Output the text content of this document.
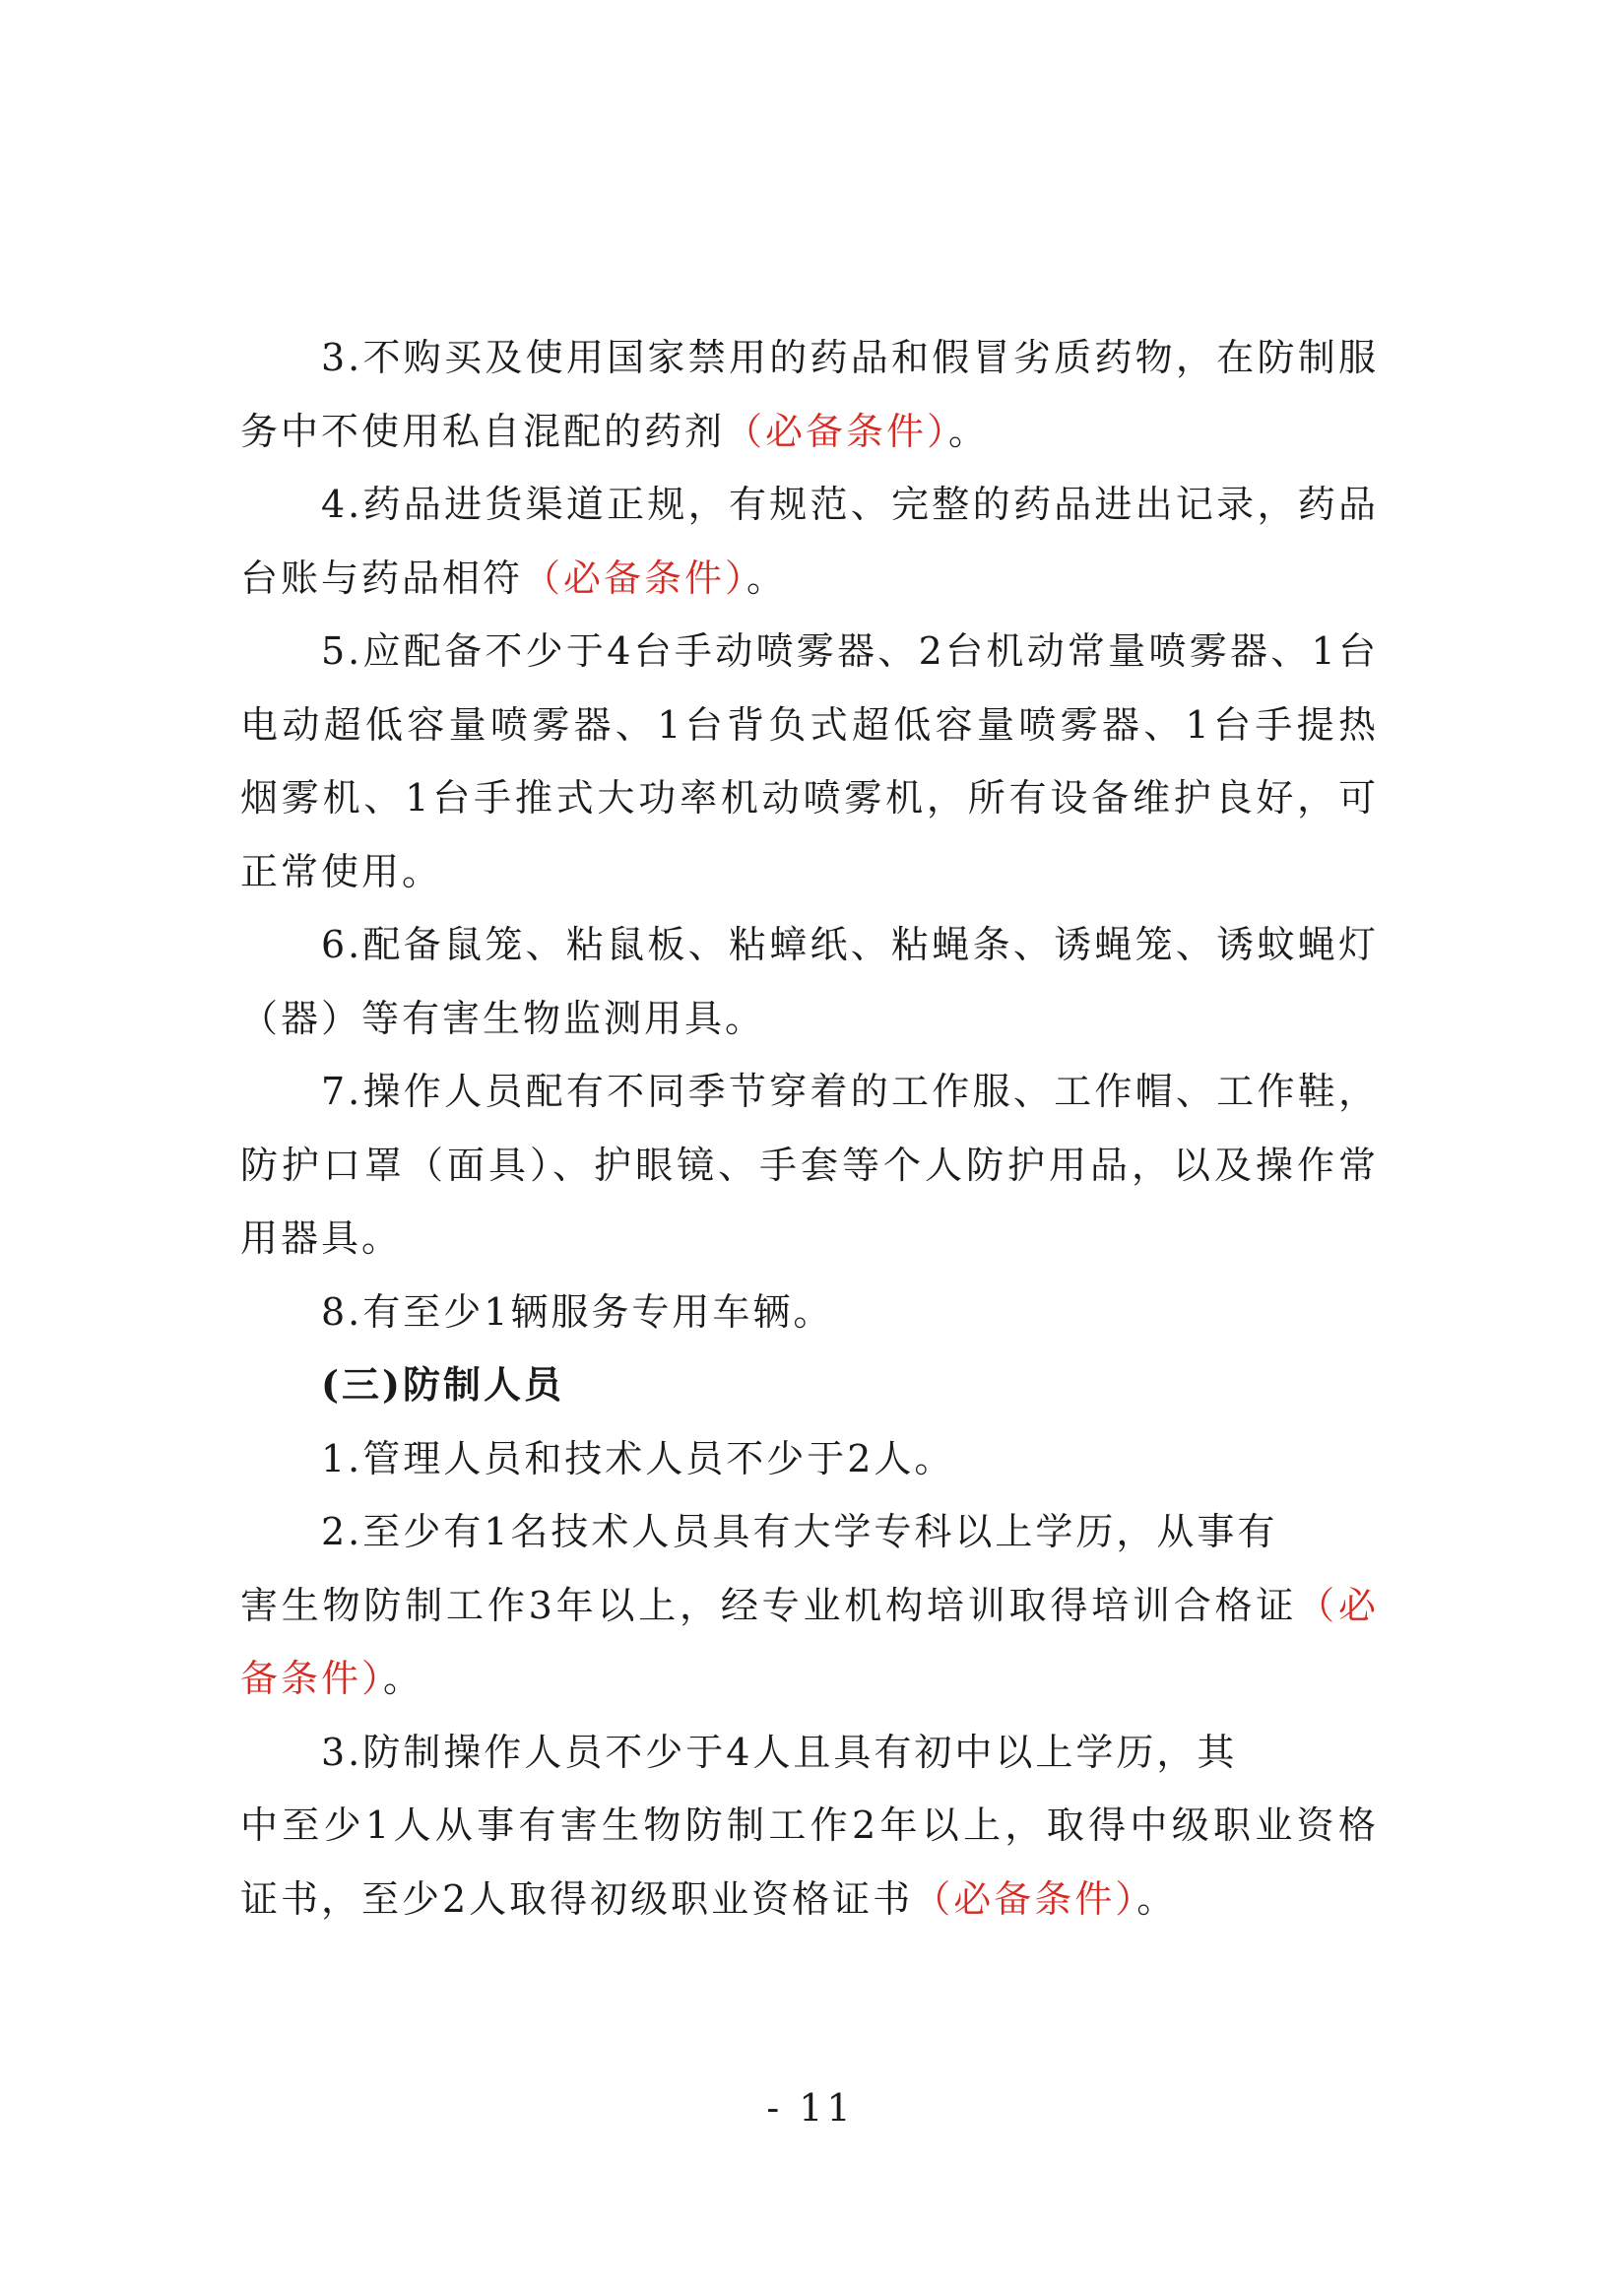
3.不购买及使用国家禁用的药品和假冒劣质药物，在防制服务中不使用私自混配的药剂（必备条件）。

4.药品进货渠道正规，有规范、完整的药品进出记录，药品台账与药品相符（必备条件）。

5.应配备不少于4台手动喷雾器、2台机动常量喷雾器、1台电动超低容量喷雾器、1台背负式超低容量喷雾器、1台手提热烟雾机、1台手推式大功率机动喷雾机，所有设备维护良好，可正常使用。

6.配备鼠笼、粘鼠板、粘蟑纸、粘蝇条、诱蝇笼、诱蚊蝇灯（器）等有害生物监测用具。

7.操作人员配有不同季节穿着的工作服、工作帽、工作鞋，防护口罩（面具）、护眼镜、手套等个人防护用品，以及操作常用器具。

8.有至少1辆服务专用车辆。

(三)防制人员

1.管理人员和技术人员不少于2人。

2.至少有1名技术人员具有大学专科以上学历，从事有
害生物防制工作3年以上，经专业机构培训取得培训合格证（必备条件）。
3.防制操作人员不少于4人且具有初中以上学历，其
中至少1人从事有害生物防制工作2年以上，取得中级职业资格证书，至少2人取得初级职业资格证书（必备条件）。
- 11
